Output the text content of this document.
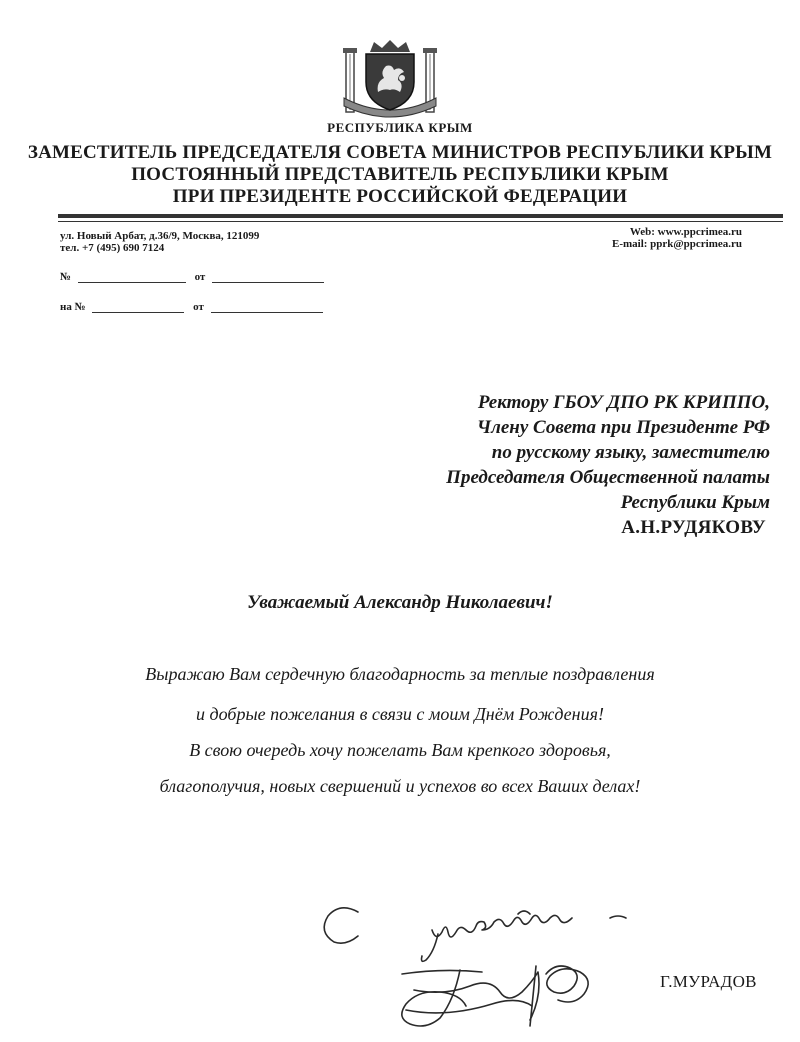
РЕСПУБЛИКА КРЫМ
ЗАМЕСТИТЕЛЬ ПРЕДСЕДАТЕЛЯ СОВЕТА МИНИСТРОВ РЕСПУБЛИКИ КРЫМ
ПОСТОЯННЫЙ ПРЕДСТАВИТЕЛЬ РЕСПУБЛИКИ КРЫМ
ПРИ ПРЕЗИДЕНТЕ РОССИЙСКОЙ ФЕДЕРАЦИИ
ул. Новый Арбат, д.36/9, Москва, 121099
тел. +7 (495) 690 7124
Web: www.ppcrimea.ru
E-mail: pprk@ppcrimea.ru
№	от
на №	от
Ректору ГБОУ ДПО РК КРИППО,
Члену Совета при Президенте РФ
по русскому языку, заместителю
Председателя Общественной палаты
Республики Крым
А.Н.РУДЯКОВУ
Уважаемый Александр Николаевич!
Выражаю Вам сердечную благодарность за теплые поздравления
и добрые пожелания в связи с моим Днём Рождения!
В свою очередь хочу пожелать Вам крепкого здоровья,
благополучия, новых свершений и успехов во всех Ваших делах!
Г.МУРАДОВ
